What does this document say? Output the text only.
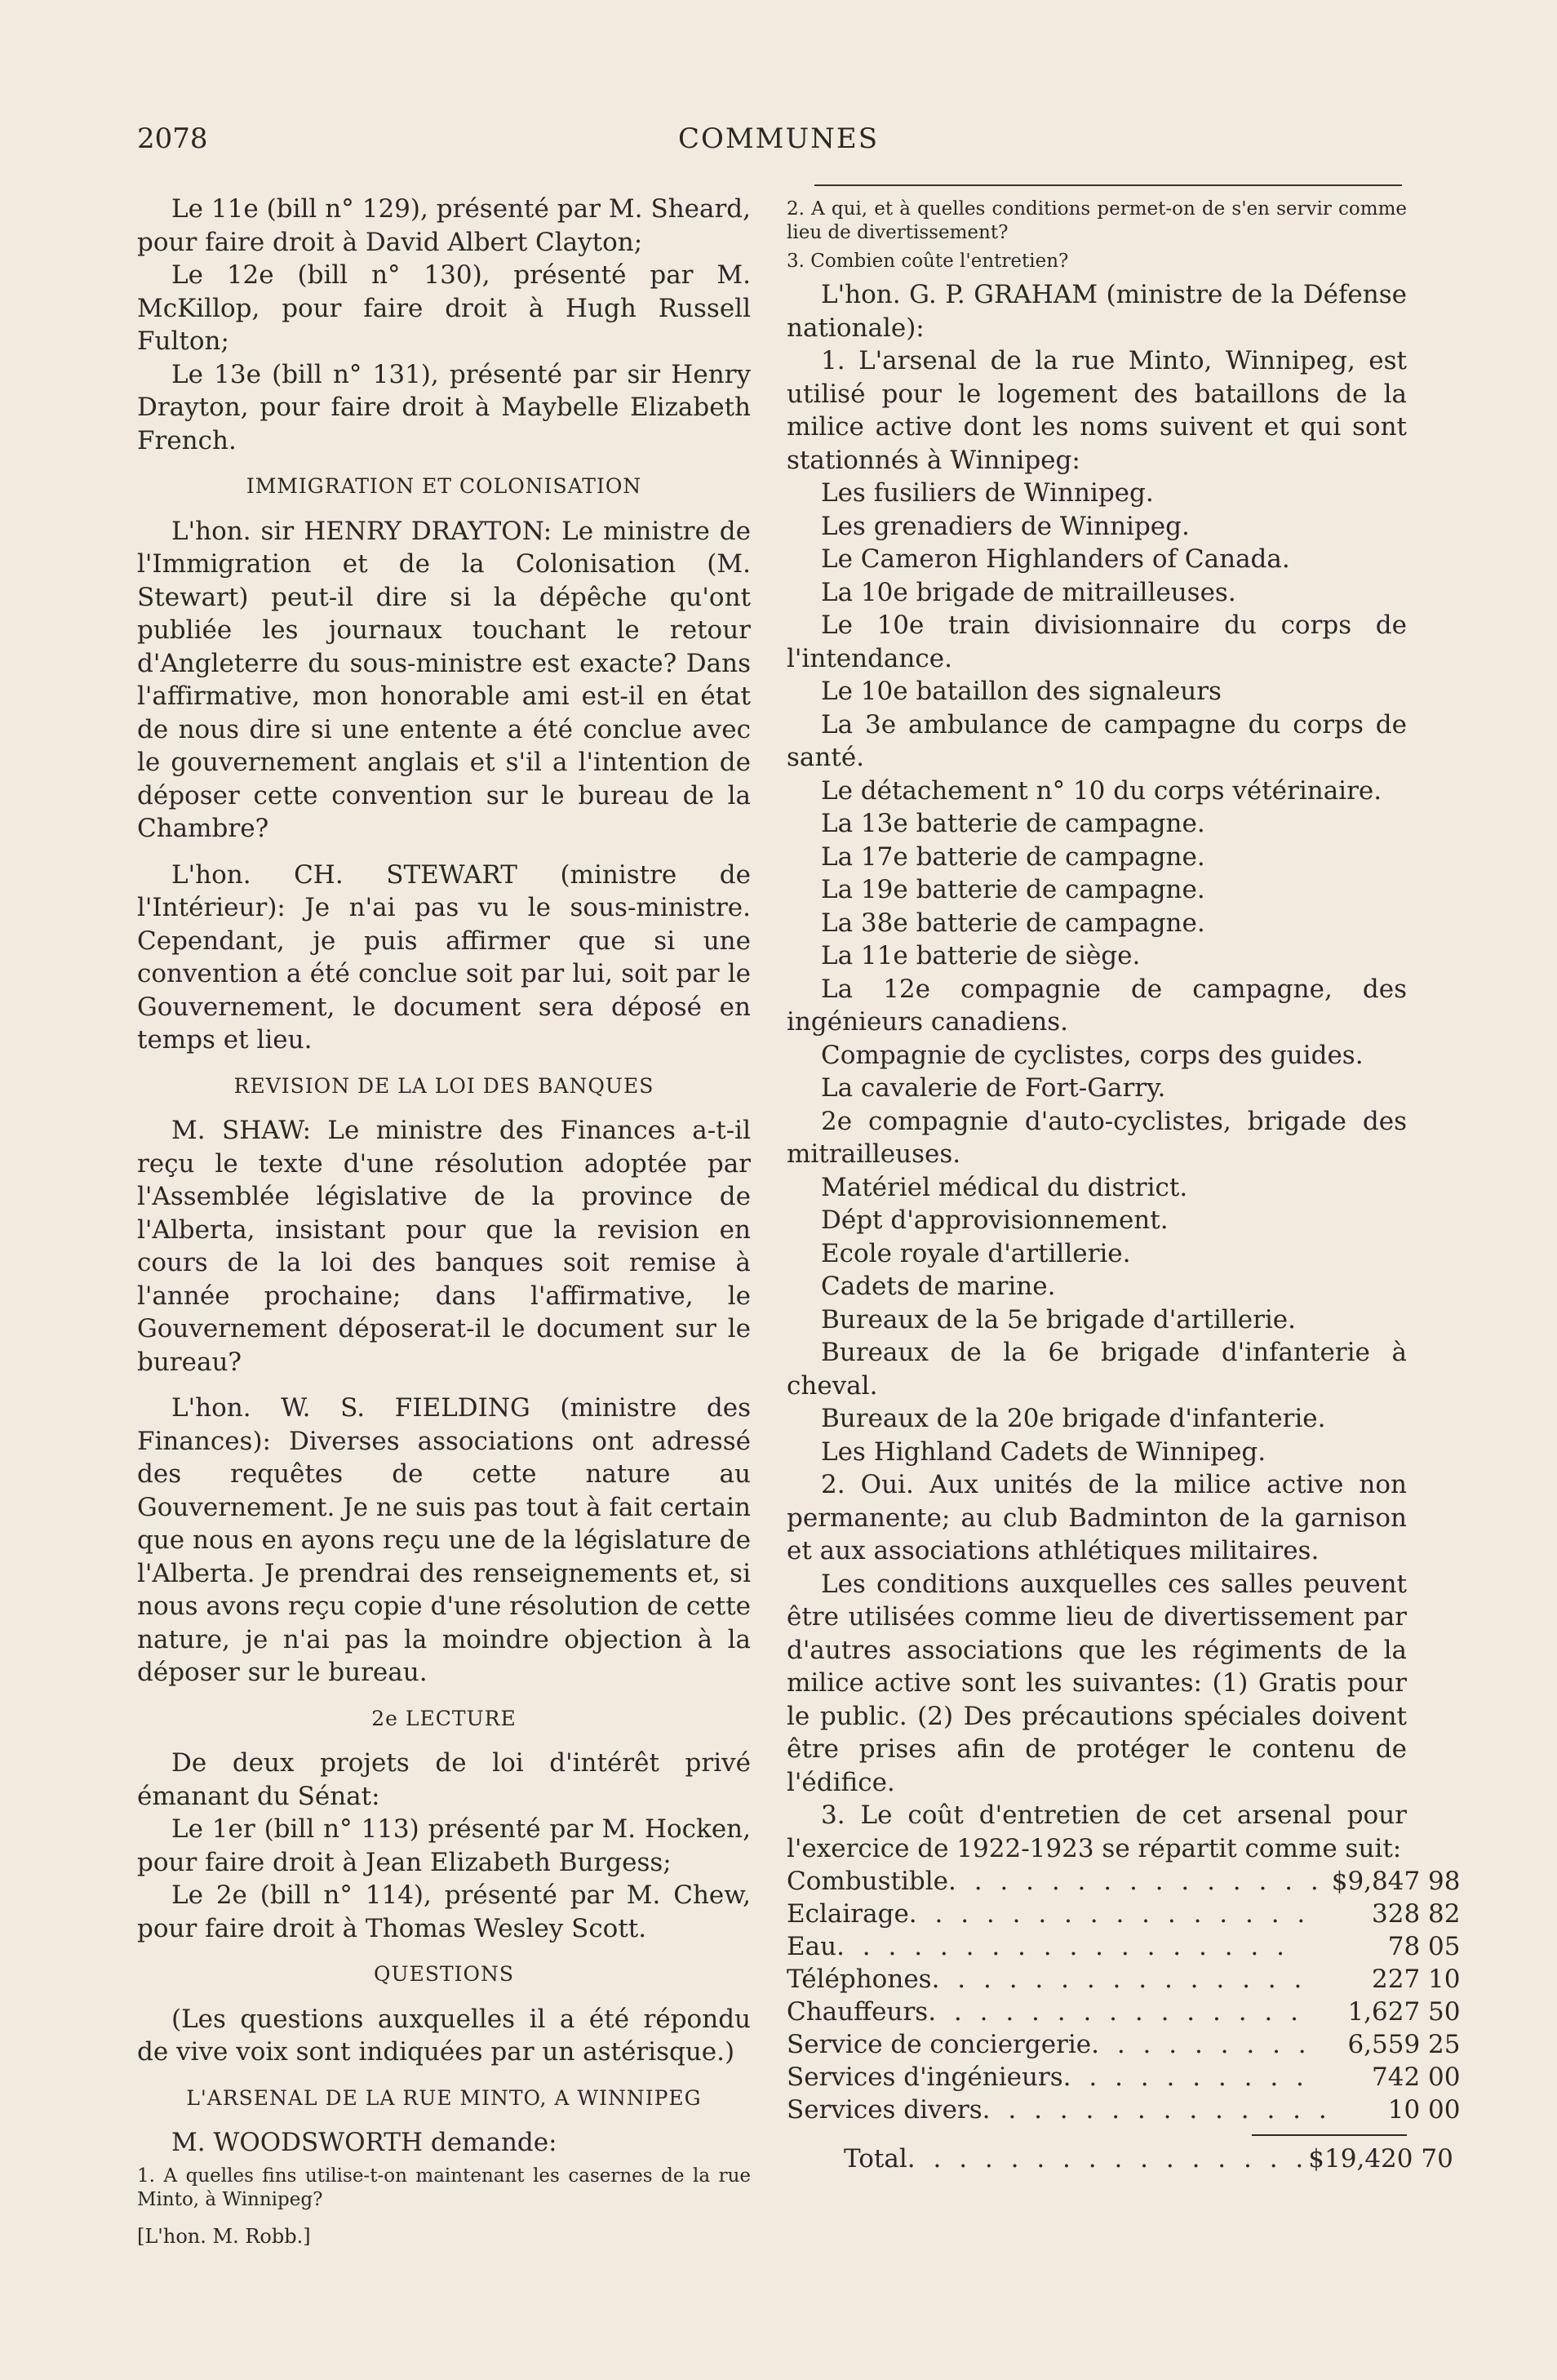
2078	COMMUNES

Le 11e (bill n° 129), présenté par M. Sheard, pour faire droit à David Albert Clayton;

Le 12e (bill n° 130), présenté par M. McKillop, pour faire droit à Hugh Russell Fulton;

Le 13e (bill n° 131), présenté par sir Henry Drayton, pour faire droit à Maybelle Elizabeth French.

IMMIGRATION ET COLONISATION

L'hon. sir HENRY DRAYTON: Le ministre de l'Immigration et de la Colonisation (M. Stewart) peut-il dire si la dépêche qu'ont publiée les journaux touchant le retour d'Angleterre du sous-ministre est exacte? Dans l'affirmative, mon honorable ami est-il en état de nous dire si une entente a été conclue avec le gouvernement anglais et s'il a l'intention de déposer cette convention sur le bureau de la Chambre?

L'hon. CH. STEWART (ministre de l'Intérieur): Je n'ai pas vu le sous-ministre. Cependant, je puis affirmer que si une convention a été conclue soit par lui, soit par le Gouvernement, le document sera déposé en temps et lieu.

REVISION DE LA LOI DES BANQUES

M. SHAW: Le ministre des Finances a-t-il reçu le texte d'une résolution adoptée par l'Assemblée législative de la province de l'Alberta, insistant pour que la revision en cours de la loi des banques soit remise à l'année prochaine; dans l'affirmative, le Gouvernement déposerat-il le document sur le bureau?

L'hon. W. S. FIELDING (ministre des Finances): Diverses associations ont adressé des requêtes de cette nature au Gouvernement. Je ne suis pas tout à fait certain que nous en ayons reçu une de la législature de l'Alberta. Je prendrai des renseignements et, si nous avons reçu copie d'une résolution de cette nature, je n'ai pas la moindre objection à la déposer sur le bureau.

2e LECTURE

De deux projets de loi d'intérêt privé émanant du Sénat:

Le 1er (bill n° 113) présenté par M. Hocken, pour faire droit à Jean Elizabeth Burgess;

Le 2e (bill n° 114), présenté par M. Chew, pour faire droit à Thomas Wesley Scott.

QUESTIONS

(Les questions auxquelles il a été répondu de vive voix sont indiquées par un astérisque.)

L'ARSENAL DE LA RUE MINTO, A WINNIPEG

M. WOODSWORTH demande:

1. A quelles fins utilise-t-on maintenant les casernes de la rue Minto, à Winnipeg?

[L'hon. M. Robb.]

2. A qui, et à quelles conditions permet-on de s'en servir comme lieu de divertissement?

3. Combien coûte l'entretien?

L'hon. G. P. GRAHAM (ministre de la Défense nationale):

1. L'arsenal de la rue Minto, Winnipeg, est utilisé pour le logement des bataillons de la milice active dont les noms suivent et qui sont stationnés à Winnipeg:

Les fusiliers de Winnipeg.

Les grenadiers de Winnipeg.

Le Cameron Highlanders of Canada.

La 10e brigade de mitrailleuses.

Le 10e train divisionnaire du corps de l'intendance.

Le 10e bataillon des signaleurs

La 3e ambulance de campagne du corps de santé.

Le détachement n° 10 du corps vétérinaire.

La 13e batterie de campagne.

La 17e batterie de campagne.

La 19e batterie de campagne.

La 38e batterie de campagne.

La 11e batterie de siège.

La 12e compagnie de campagne, des ingénieurs canadiens.

Compagnie de cyclistes, corps des guides.

La cavalerie de Fort-Garry.

2e compagnie d'auto-cyclistes, brigade des mitrailleuses.

Matériel médical du district.

Dépt d'approvisionnement.

Ecole royale d'artillerie.

Cadets de marine.

Bureaux de la 5e brigade d'artillerie.

Bureaux de la 6e brigade d'infanterie à cheval.

Bureaux de la 20e brigade d'infanterie.

Les Highland Cadets de Winnipeg.

2. Oui. Aux unités de la milice active non permanente; au club Badminton de la garnison et aux associations athlétiques militaires.

Les conditions auxquelles ces salles peuvent être utilisées comme lieu de divertissement par d'autres associations que les régiments de la milice active sont les suivantes: (1) Gratis pour le public. (2) Des précautions spéciales doivent être prises afin de protéger le contenu de l'édifice.

3. Le coût d'entretien de cet arsenal pour l'exercice de 1922-1923 se répartit comme suit:

Combustible. . . . . . . . . . . . . . .	$	9,847 98
Eclairage. . . . . . . . . . . . . . . .		328 82
Eau. . . . . . . . . . . . . . . . . .		78 05
Téléphones. . . . . . . . . . . . . . .		227 10
Chauffeurs. . . . . . . . . . . . . . .		1,627 50
Service de conciergerie. . . . . . . . .		6,559 25
Services d'ingénieurs. . . . . . . . . .		742 00
Services divers. . . . . . . . . . . . . .		10 00
Total. . . . . . . . . . . . . . . .	$	19,420 70
